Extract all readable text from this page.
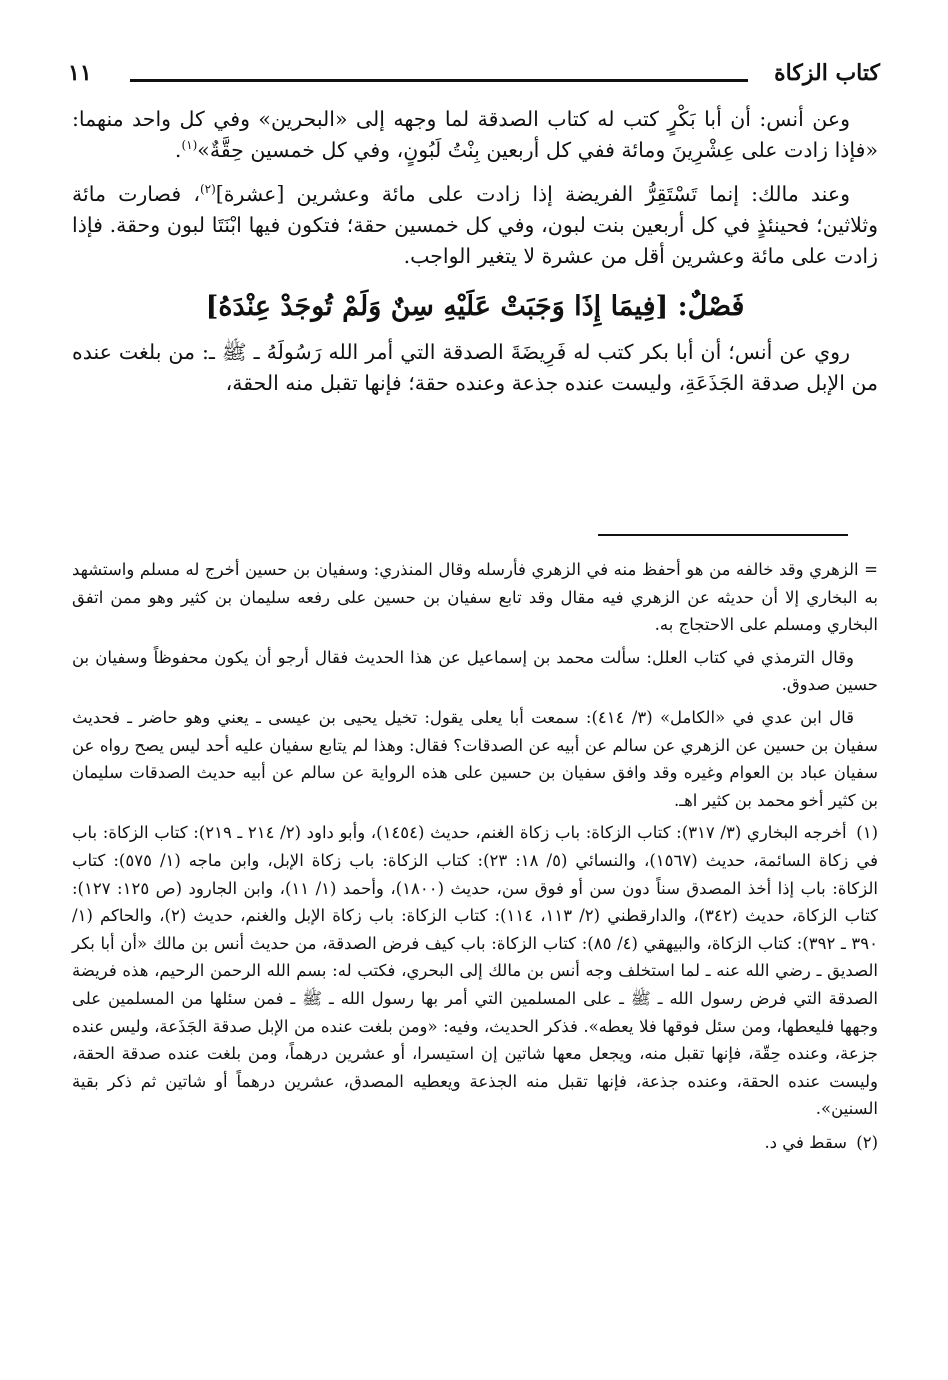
كتاب الزكاة
١١

وعن أنس: أن أبا بَكْرٍ كتب له كتاب الصدقة لما وجهه إلى «البحرين» وفي كل واحد منهما: «فإذا زادت على عِشْرِينَ ومائة ففي كل أربعين بِنْتُ لَبُونٍ، وفي كل خمسين حِقَّةٌ»$^{(١)}$.

وعند مالك: إنما تَسْتَقِرُّ الفريضة إذا زادت على مائة وعشرين [عشرة]$^{(٢)}$، فصارت مائة وثلاثين؛ فحينئذٍ في كل أربعين بنت لبون، وفي كل خمسين حقة؛ فتكون فيها ابْنَتَا لبون وحقة. فإذا زادت على مائة وعشرين أقل من عشرة لا يتغير الواجب.

فَصْلٌ: [فِيمَا إِذَا وَجَبَتْ عَلَيْهِ سِنٌ وَلَمْ تُوجَدْ عِنْدَهُ]

روي عن أنس؛ أن أبا بكر كتب له فَرِيضَةَ الصدقة التي أمر الله رَسُولَهُ ـ ﷺ ـ: من بلغت عنده من الإبل صدقة الجَذَعَةِ، وليست عنده جذعة وعنده حقة؛ فإنها تقبل منه الحقة،

= الزهري وقد خالفه من هو أحفظ منه في الزهري فأرسله وقال المنذري: وسفيان بن حسين أخرج له مسلم واستشهد به البخاري إلا أن حديثه عن الزهري فيه مقال وقد تابع سفيان بن حسين على رفعه سليمان بن كثير وهو ممن اتفق البخاري ومسلم على الاحتجاج به.

وقال الترمذي في كتاب العلل: سألت محمد بن إسماعيل عن هذا الحديث فقال أرجو أن يكون محفوظاً وسفيان بن حسين صدوق.

قال ابن عدي في «الكامل» (٣/ ٤١٤): سمعت أبا يعلى يقول: تخيل يحيى بن عيسى ـ يعني وهو حاضر ـ فحديث سفيان بن حسين عن الزهري عن سالم عن أبيه عن الصدقات؟ فقال: وهذا لم يتابع سفيان عليه أحد ليس يصح رواه عن سفيان عباد بن العوام وغيره وقد وافق سفيان بن حسين على هذه الرواية عن سالم عن أبيه حديث الصدقات سليمان بن كثير أخو محمد بن كثير اهـ.

(١) أخرجه البخاري (٣/ ٣١٧): كتاب الزكاة: باب زكاة الغنم، حديث (١٤٥٤)، وأبو داود (٢/ ٢١٤ ـ ٢١٩): كتاب الزكاة: باب في زكاة السائمة، حديث (١٥٦٧)، والنسائي (٥/ ١٨: ٢٣): كتاب الزكاة: باب زكاة الإبل، وابن ماجه (١/ ٥٧٥): كتاب الزكاة: باب إذا أخذ المصدق سناً دون سن أو فوق سن، حديث (١٨٠٠)، وأحمد (١/ ١١)، وابن الجارود (ص ١٢٥: ١٢٧): كتاب الزكاة، حديث (٣٤٢)، والدارقطني (٢/ ١١٣، ١١٤): كتاب الزكاة: باب زكاة الإبل والغنم، حديث (٢)، والحاكم (١/ ٣٩٠ ـ ٣٩٢): كتاب الزكاة، والبيهقي (٤/ ٨٥): كتاب الزكاة: باب كيف فرض الصدقة، من حديث أنس بن مالك «أن أبا بكر الصديق ـ رضي الله عنه ـ لما استخلف وجه أنس بن مالك إلى البحري، فكتب له: بسم الله الرحمن الرحيم، هذه فريضة الصدقة التي فرض رسول الله ـ ﷺ ـ على المسلمين التي أمر بها رسول الله ـ ﷺ ـ فمن سئلها من المسلمين على وجهها فليعطها، ومن سئل فوقها فلا يعطه». فذكر الحديث، وفيه: «ومن بلغت عنده من الإبل صدقة الجَذَعة، وليس عنده جزعة، وعنده حِقّة، فإنها تقبل منه، ويجعل معها شاتين إن استيسرا، أو عشرين درهماً، ومن بلغت عنده صدقة الحقة، وليست عنده الحقة، وعنده جذعة، فإنها تقبل منه الجذعة ويعطيه المصدق، عشرين درهماً أو شاتين ثم ذكر بقية السنين».

(٢) سقط في د.
